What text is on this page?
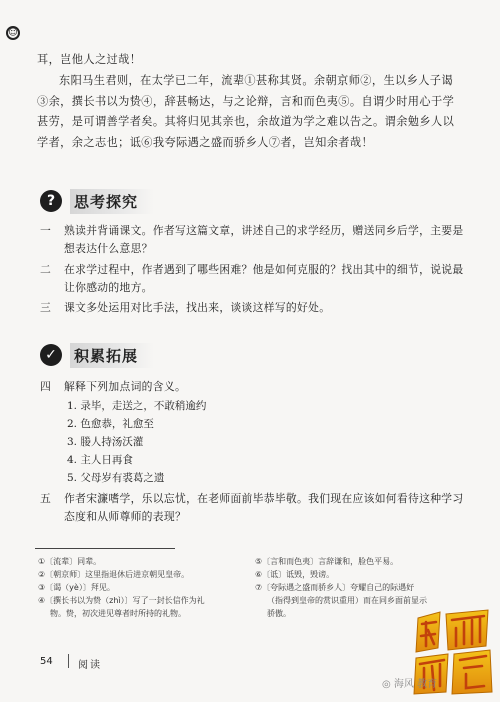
☺

耳，岂他人之过哉！

东阳马生君则，在太学已二年，流辈①甚称其贤。余朝京师②，生以乡人子谒③余，撰长书以为贽④，辞甚畅达，与之论辩，言和而色夷⑤。自谓少时用心于学甚劳，是可谓善学者矣。其将归见其亲也，余故道为学之难以告之。谓余勉乡人以学者，余之志也；诋⑥我夸际遇之盛而骄乡人⑦者，岂知余者哉！

?	思考探究
一	熟读并背诵课文。作者写这篇文章，讲述自己的求学经历，赠送同乡后学，主要是想表达什么意思？
二	在求学过程中，作者遇到了哪些困难？他是如何克服的？找出其中的细节，说说最让你感动的地方。
三	课文多处运用对比手法，找出来，谈谈这样写的好处。
✓	积累拓展
四	解释下列加点词的含义。
1. 录毕，走送之，不敢稍逾约
2. 色愈恭，礼愈至
3. 媵人持汤沃灌
4. 主人日再食
5. 父母岁有裘葛之遗
五	作者宋濂嗜学，乐以忘忧，在老师面前毕恭毕敬。我们现在应该如何看待这种学习态度和从师尊师的表现？
①〔流辈〕同辈。
②〔朝京师〕这里指退休后进京朝见皇帝。
③〔谒（yè）〕拜见。
④〔撰长书以为贽（zhì）〕写了一封长信作为礼
物。贽，初次进见尊者时所持的礼物。
⑤〔言和而色夷〕言辞谦和，脸色平易。
⑥〔诋〕诋毁，毁谤。
⑦〔夸际遇之盛而骄乡人〕夸耀自己的际遇好
（指得到皇帝的赏识重用）而在同乡面前显示
骄傲。
54	阅读
◎ 海风 教育
